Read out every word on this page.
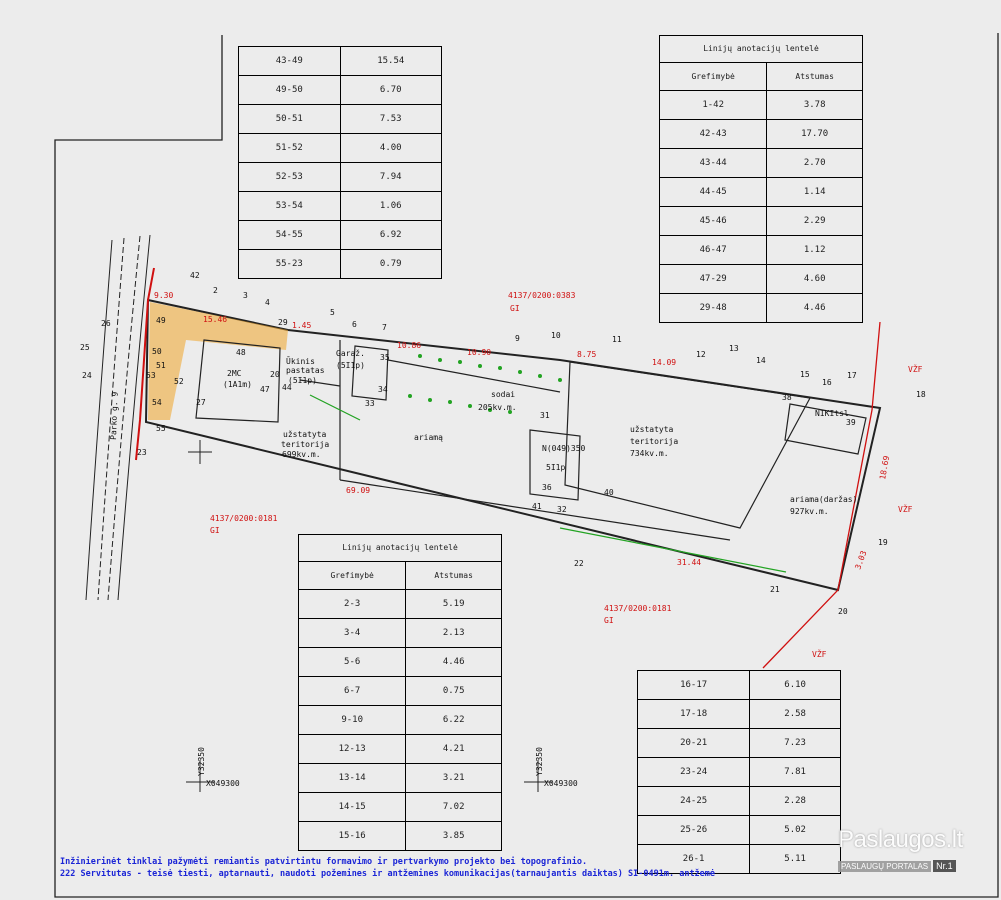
42
2
3
4
29
5
6	7
9	10	11
12
13
14
15
16
17
18
19
20
21
22
23
24
25
26
27
49
50
51
52
53
54
55
48
47
31
33
34
35
38
39
40
41 32
36
44
20
9.30
1.45
10.86
10.90	8.75
14.09
69.09
31.44
18.69
3.03
15.46
4137/0200:0383
GI
4137/0200:0181
GI
4137/0200:0181
GI
VŽF
VŽF
VŽF
2MC
(1A1m)
Garaž.
(5I1p)
Ūkinis
pastatas
(5I1p)
užstatyta
teritorija
699kv.m.
sodai
205kv.m.
ariamą
užstatyta
teritorija
734kv.m.
ariama(daržas)
927kv.m.
N(049)350
5I1p
NIKItsl
Parko g. 9
X049300	X049300
Y32350	Y32350
43-49	15.54
49-50	6.70
50-51	7.53
51-52	4.00
52-53	7.94
53-54	1.06
54-55	6.92
55-23	0.79
Linijų anotacijų lentelė
Grefimybė	Atstumas
1-42	3.78
42-43	17.70
43-44	2.70
44-45	1.14
45-46	2.29
46-47	1.12
47-29	4.60
29-48	4.46
Linijų anotacijų lentelė
Grefimybė	Atstumas
2-3	5.19
3-4	2.13
5-6	4.46
6-7	0.75
9-10	6.22
12-13	4.21
13-14	3.21
14-15	7.02
15-16	3.85
16-17	6.10
17-18	2.58
20-21	7.23
23-24	7.81
24-25	2.28
25-26	5.02
26-1	5.11
Inžinierinėt tinklai pažymėti remiantis patvirtintu formavimo ir pertvarkymo projekto bei topografinio.
222 Servitutas - teisė tiesti, aptarnauti, naudoti požemines ir antžemines komunikacijas(tarnaujantis daiktas) SI-0491m. antžemė
Paslaugos.lt
PASLAUGŲ PORTALAS Nr.1
